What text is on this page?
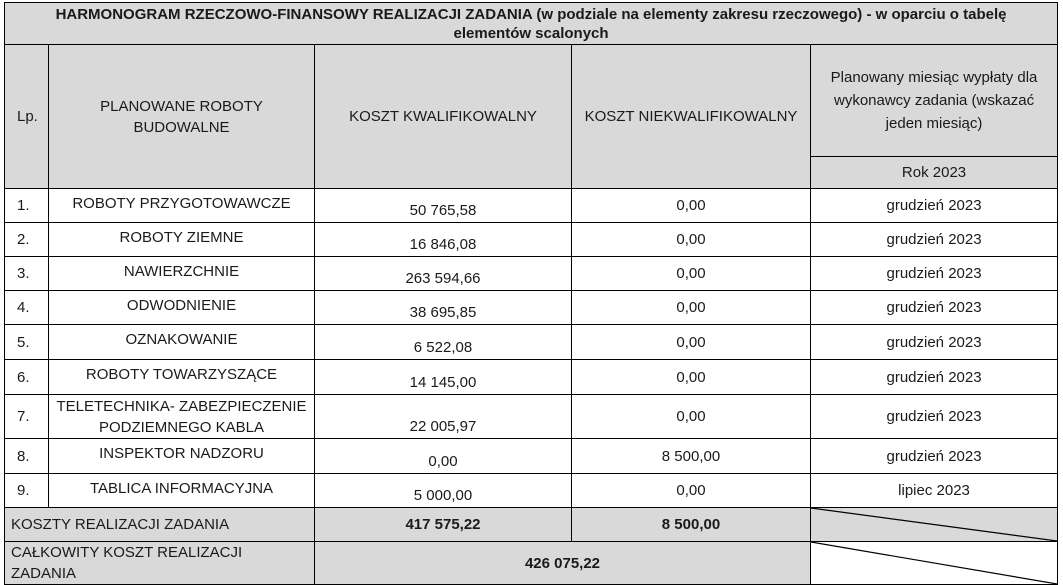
HARMONOGRAM RZECZOWO-FINANSOWY REALIZACJI ZADANIA (w podziale na elementy zakresu rzeczowego) - w oparciu o tabelę elementów scalonych				
Lp.	PLANOWANE ROBOTY BUDOWALNE	KOSZT KWALIFIKOWALNY	KOSZT NIEKWALIFIKOWALNY	Planowany miesiąc wypłaty dla wykonawcy zadania (wskazać jeden miesiąc)
				Rok 2023
1.	ROBOTY PRZYGOTOWAWCZE	50 765,58	0,00	grudzień 2023
2.	ROBOTY ZIEMNE	16 846,08	0,00	grudzień 2023
3.	NAWIERZCHNIE	263 594,66	0,00	grudzień 2023
4.	ODWODNIENIE	38 695,85	0,00	grudzień 2023
5.	OZNAKOWANIE	6 522,08	0,00	grudzień 2023
6.	ROBOTY TOWARZYSZĄCE	14 145,00	0,00	grudzień 2023
7.	TELETECHNIKA- ZABEZPIECZENIE PODZIEMNEGO KABLA	22 005,97	0,00	grudzień 2023
8.	INSPEKTOR NADZORU	0,00	8 500,00	grudzień 2023
9.	TABLICA INFORMACYJNA	5 000,00	0,00	lipiec 2023
KOSZTY REALIZACJI ZADANIA		417 575,22	8 500,00	

CAŁKOWITY KOSZT REALIZACJI ZADANIA		426 075,22	
